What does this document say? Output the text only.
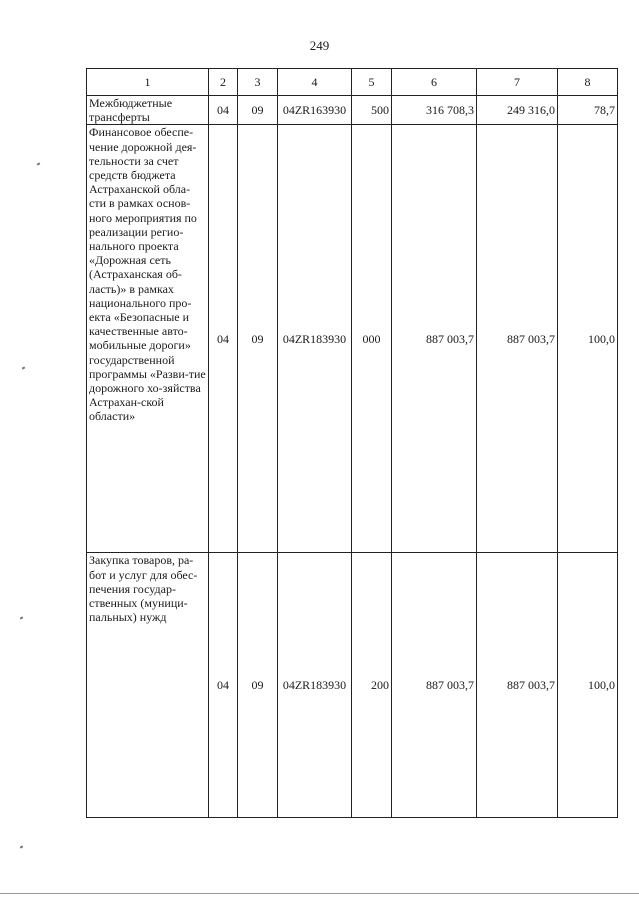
249
1	2	3	4	5	6	7	8
Межбюджетные трансферты	04	09	04ZR163930	500	316 708,3	249 316,0	78,7
Финансовое обеспе-чение дорожной дея-тельности за счет средств бюджета Астраханской обла-сти в рамках основ-ного мероприятия по реализации регио-нального проекта «Дорожная сеть (Астраханская об-ласть)» в рамках национального про-екта «Безопасные и качественные авто-мобильные дороги» государственной программы «Разви-тие дорожного хо-зяйства Астрахан-ской области»	04	09	04ZR183930	000	887 003,7	887 003,7	100,0
Закупка товаров, ра-бот и услуг для обес-печения государ-ственных (муници-пальных) нужд	04	09	04ZR183930	200	887 003,7	887 003,7	100,0
